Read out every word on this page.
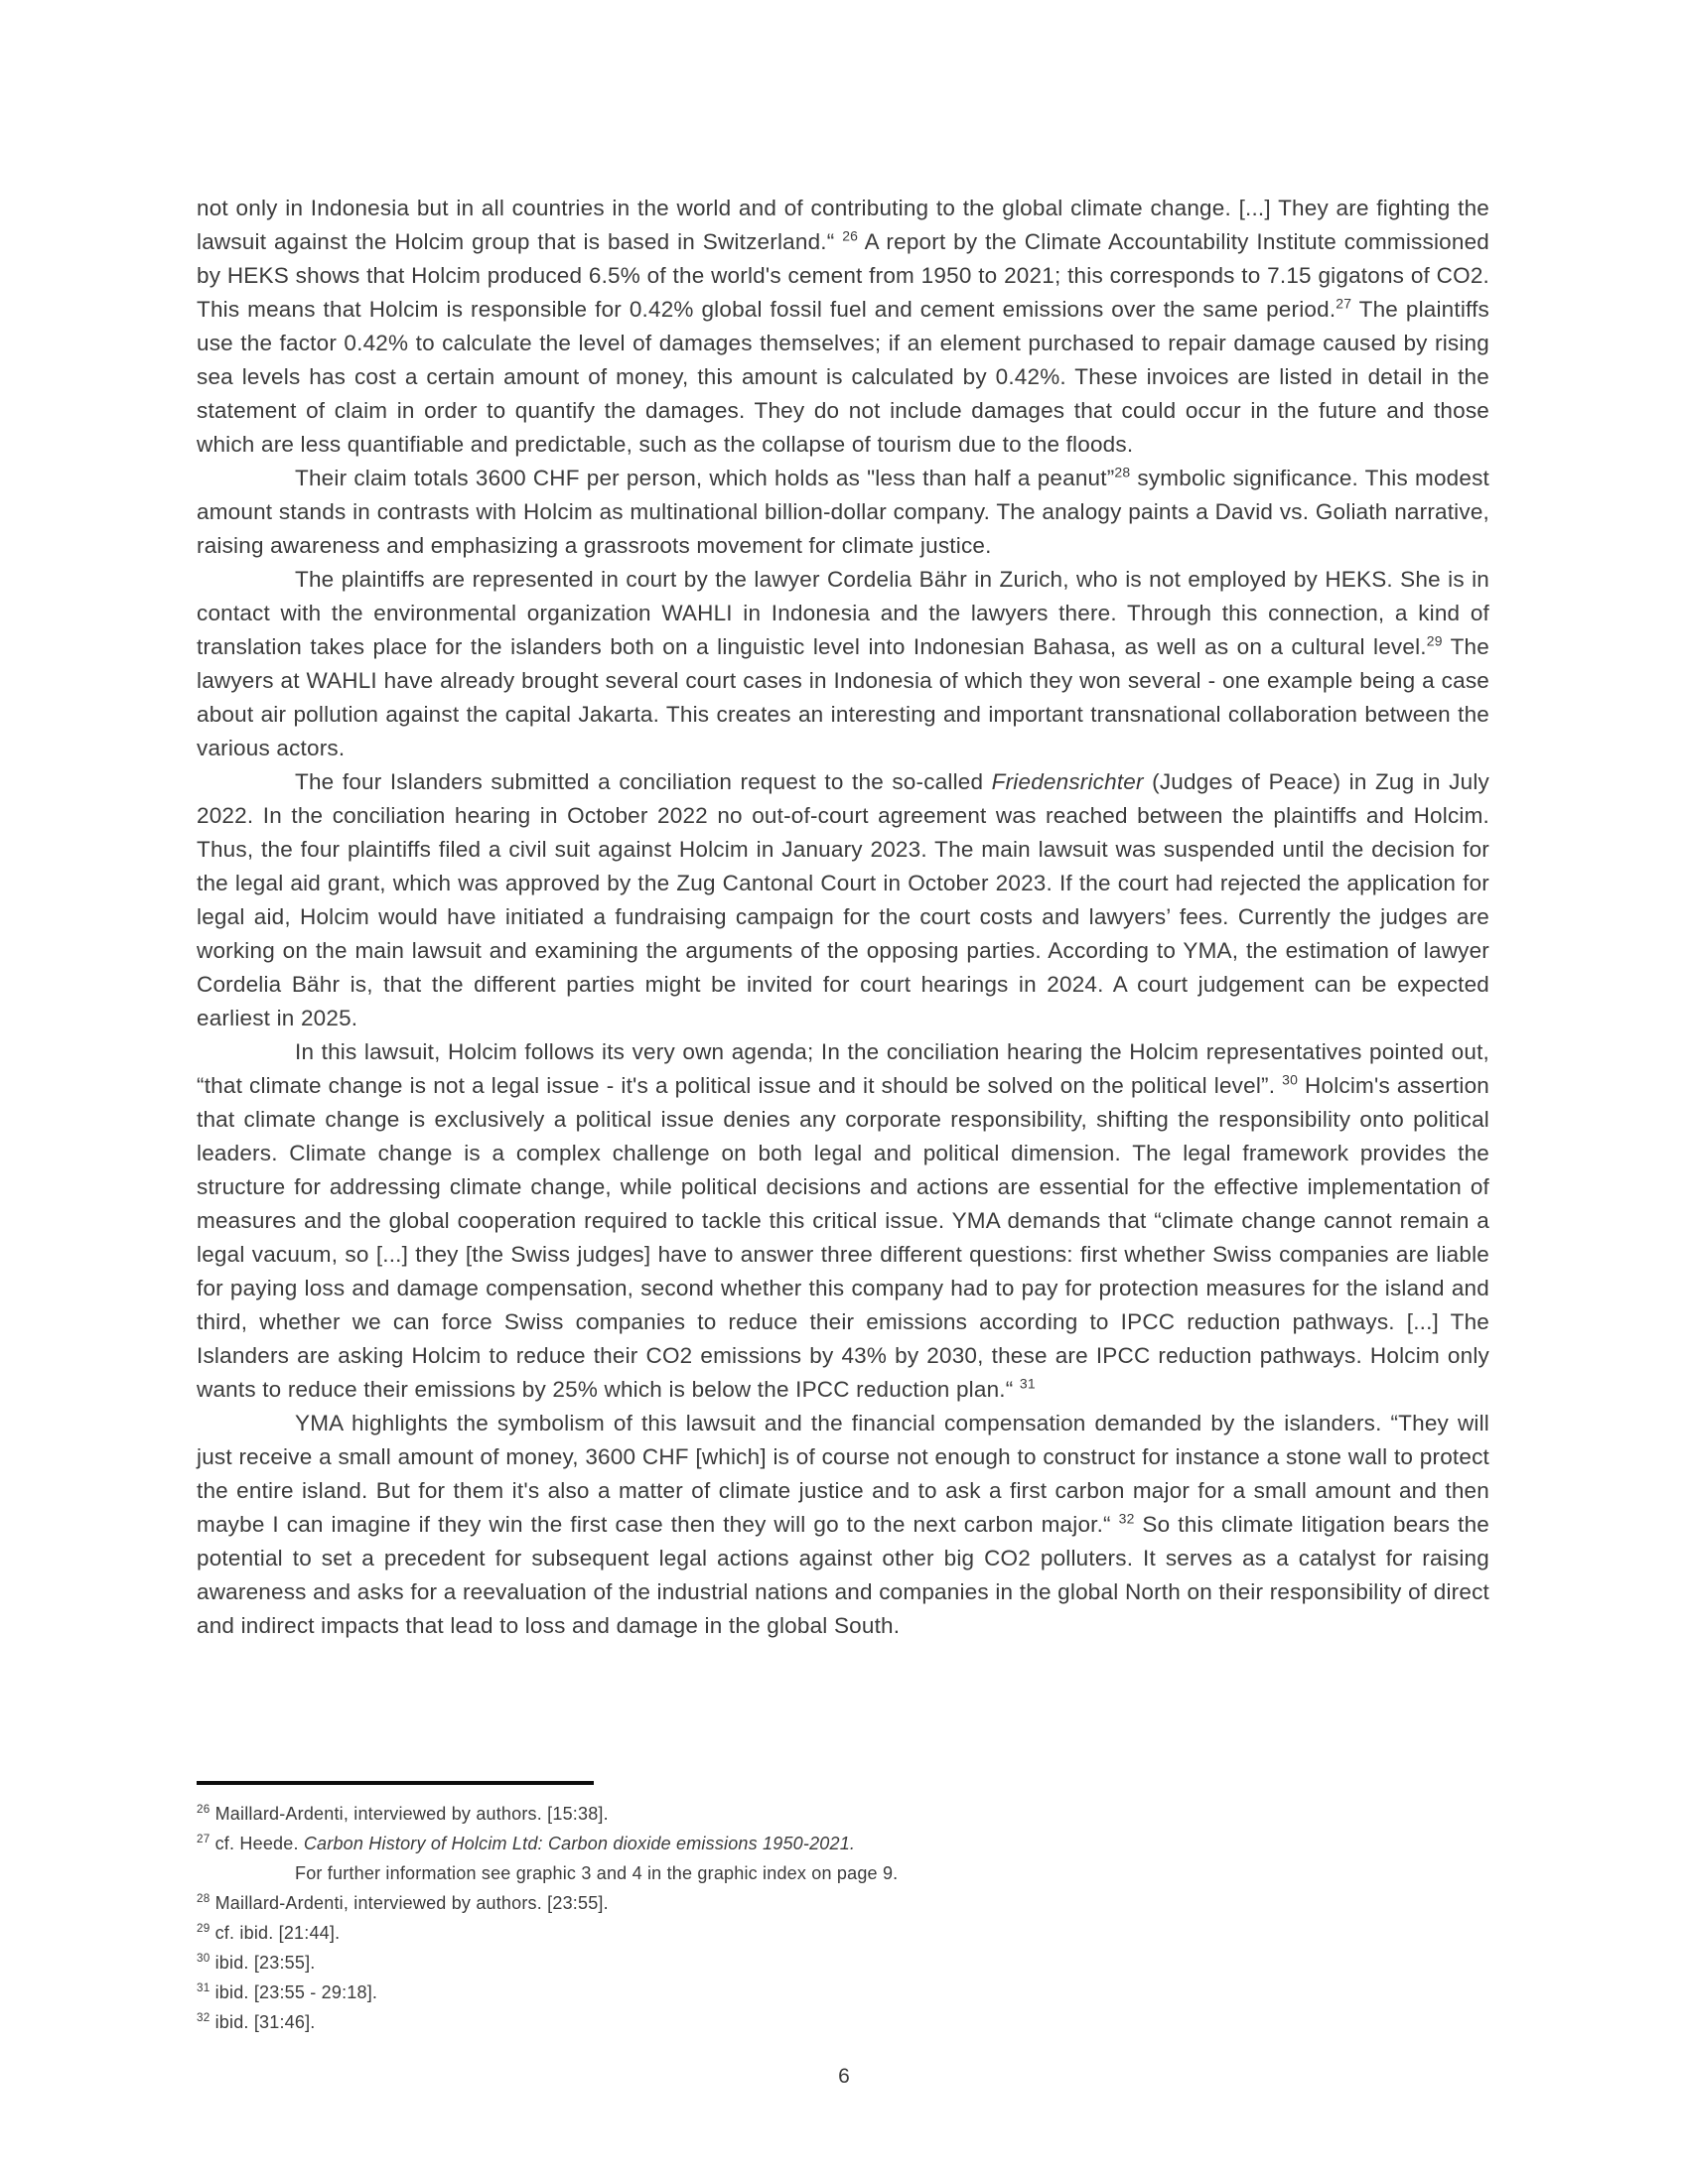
not only in Indonesia but in all countries in the world and of contributing to the global climate change. [...] They are fighting the lawsuit against the Holcim group that is based in Switzerland.“ $^{26}$ A report by the Climate Accountability Institute commissioned by HEKS shows that Holcim produced 6.5% of the world's cement from 1950 to 2021; this corresponds to 7.15 gigatons of CO2. This means that Holcim is responsible for 0.42% global fossil fuel and cement emissions over the same period.$^{27}$ The plaintiffs use the factor 0.42% to calculate the level of damages themselves; if an element purchased to repair damage caused by rising sea levels has cost a certain amount of money, this amount is calculated by 0.42%. These invoices are listed in detail in the statement of claim in order to quantify the damages. They do not include damages that could occur in the future and those which are less quantifiable and predictable, such as the collapse of tourism due to the floods.

Their claim totals 3600 CHF per person, which holds as "less than half a peanut”$^{28}$ symbolic significance. This modest amount stands in contrasts with Holcim as multinational billion-dollar company. The analogy paints a David vs. Goliath narrative, raising awareness and emphasizing a grassroots movement for climate justice.

The plaintiffs are represented in court by the lawyer Cordelia Bähr in Zurich, who is not employed by HEKS. She is in contact with the environmental organization WAHLI in Indonesia and the lawyers there. Through this connection, a kind of translation takes place for the islanders both on a linguistic level into Indonesian Bahasa, as well as on a cultural level.$^{29}$ The lawyers at WAHLI have already brought several court cases in Indonesia of which they won several - one example being a case about air pollution against the capital Jakarta. This creates an interesting and important transnational collaboration between the various actors.

The four Islanders submitted a conciliation request to the so-called Friedensrichter (Judges of Peace) in Zug in July 2022. In the conciliation hearing in October 2022 no out-of-court agreement was reached between the plaintiffs and Holcim. Thus, the four plaintiffs filed a civil suit against Holcim in January 2023. The main lawsuit was suspended until the decision for the legal aid grant, which was approved by the Zug Cantonal Court in October 2023. If the court had rejected the application for legal aid, Holcim would have initiated a fundraising campaign for the court costs and lawyers’ fees. Currently the judges are working on the main lawsuit and examining the arguments of the opposing parties. According to YMA, the estimation of lawyer Cordelia Bähr is, that the different parties might be invited for court hearings in 2024. A court judgement can be expected earliest in 2025.

In this lawsuit, Holcim follows its very own agenda; In the conciliation hearing the Holcim representatives pointed out, “that climate change is not a legal issue - it's a political issue and it should be solved on the political level”. $^{30}$ Holcim's assertion that climate change is exclusively a political issue denies any corporate responsibility, shifting the responsibility onto political leaders. Climate change is a complex challenge on both legal and political dimension. The legal framework provides the structure for addressing climate change, while political decisions and actions are essential for the effective implementation of measures and the global cooperation required to tackle this critical issue. YMA demands that “climate change cannot remain a legal vacuum, so [...] they [the Swiss judges] have to answer three different questions: first whether Swiss companies are liable for paying loss and damage compensation, second whether this company had to pay for protection measures for the island and third, whether we can force Swiss companies to reduce their emissions according to IPCC reduction pathways. [...] The Islanders are asking Holcim to reduce their CO2 emissions by 43% by 2030, these are IPCC reduction pathways. Holcim only wants to reduce their emissions by 25% which is below the IPCC reduction plan.“ $^{31}$

YMA highlights the symbolism of this lawsuit and the financial compensation demanded by the islanders. “They will just receive a small amount of money, 3600 CHF [which] is of course not enough to construct for instance a stone wall to protect the entire island. But for them it's also a matter of climate justice and to ask a first carbon major for a small amount and then maybe I can imagine if they win the first case then they will go to the next carbon major.“ $^{32}$ So this climate litigation bears the potential to set a precedent for subsequent legal actions against other big CO2 polluters. It serves as a catalyst for raising awareness and asks for a reevaluation of the industrial nations and companies in the global North on their responsibility of direct and indirect impacts that lead to loss and damage in the global South.

$^{26}$ Maillard-Ardenti, interviewed by authors. [15:38].
$^{27}$ cf. Heede. Carbon History of Holcim Ltd: Carbon dioxide emissions 1950-2021.
For further information see graphic 3 and 4 in the graphic index on page 9.
$^{28}$ Maillard-Ardenti, interviewed by authors. [23:55].
$^{29}$ cf. ibid. [21:44].
$^{30}$ ibid. [23:55].
$^{31}$ ibid. [23:55 - 29:18].
$^{32}$ ibid. [31:46].
6
